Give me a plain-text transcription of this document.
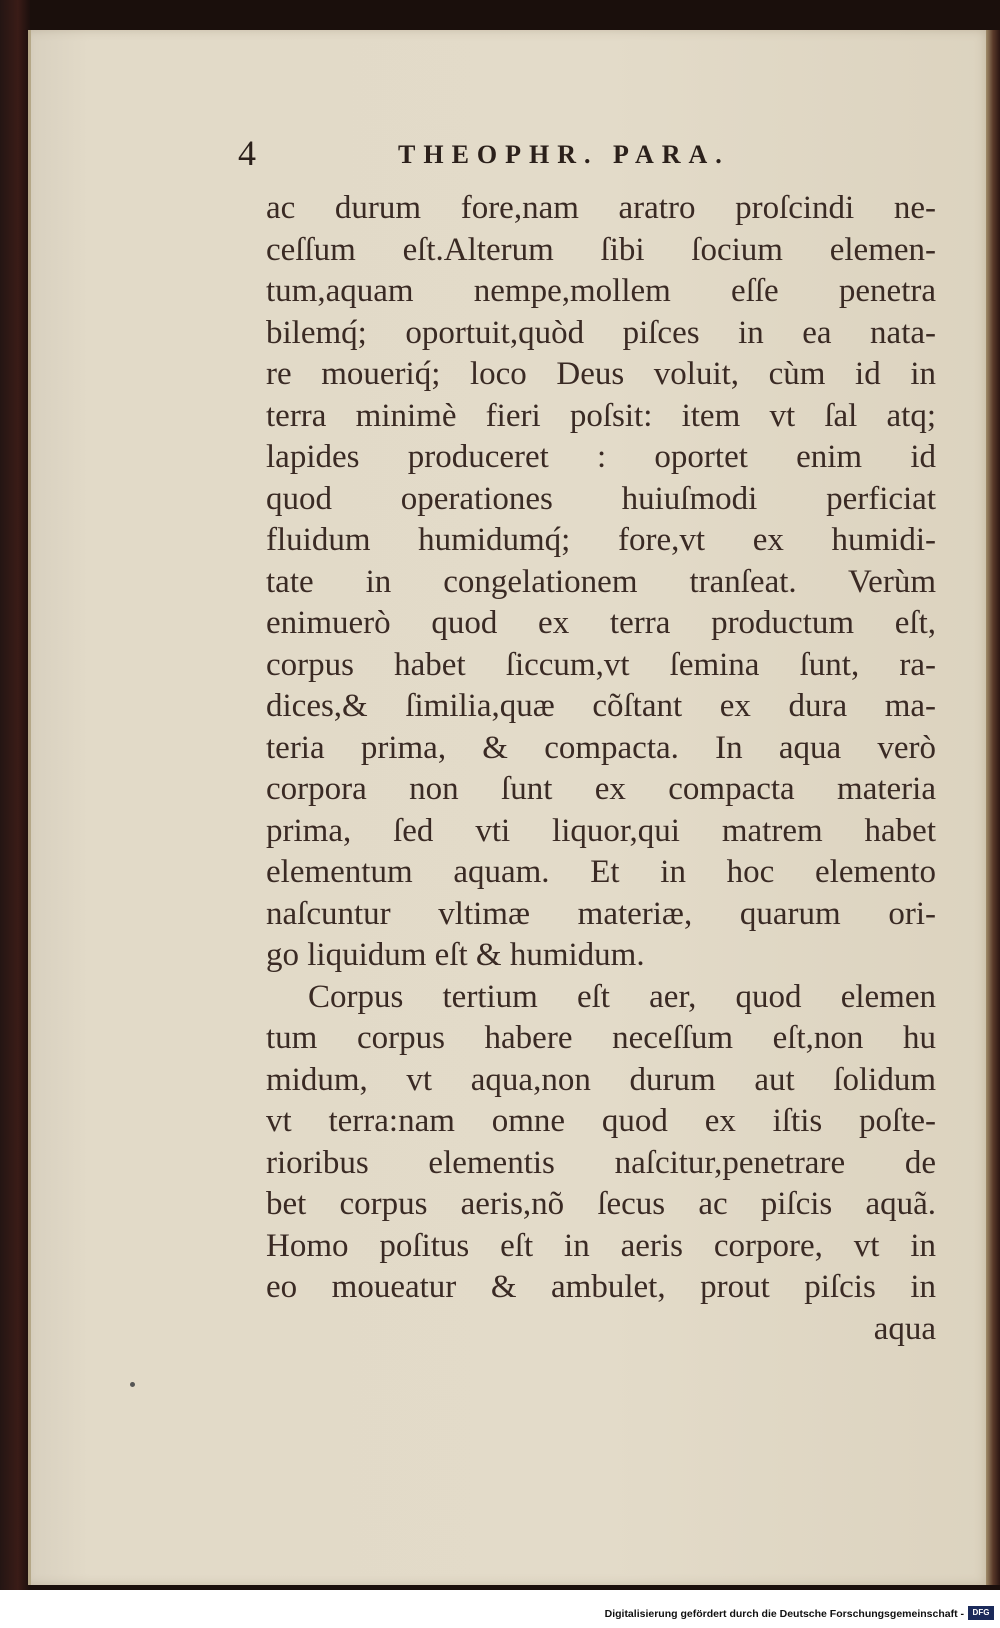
4	THEOPHR. PARA.
ac durum fore,nam aratro proſcindi ne-
ceſſum eſt.Alterum ſibi ſocium elemen-
tum,aquam nempe,mollem eſſe penetra
bilemq́; oportuit,quòd piſces in ea nata-
re moueriq́; loco Deus voluit, cùm id in
terra minimè fieri poſsit: item vt ſal atq;
lapides produceret : oportet enim id
quod operationes huiuſmodi perficiat
fluidum humidumq́; fore,vt ex humidi-
tate in congelationem tranſeat. Verùm
enimuerò quod ex terra productum eſt,
corpus habet ſiccum,vt ſemina ſunt, ra-
dices,& ſimilia,quæ cõſtant ex dura ma-
teria prima, & compacta. In aqua verò
corpora non ſunt ex compacta materia
prima, ſed vti liquor,qui matrem habet
elementum aquam. Et in hoc elemento
naſcuntur vltimæ materiæ, quarum ori-
go liquidum eſt & humidum.
Corpus tertium eſt aer, quod elemen
tum corpus habere neceſſum eſt,non hu
midum, vt aqua,non durum aut ſolidum
vt terra:nam omne quod ex iſtis poſte-
rioribus elementis naſcitur,penetrare de
bet corpus aeris,nõ ſecus ac piſcis aquã.
Homo poſitus eſt in aeris corpore, vt in
eo moueatur & ambulet, prout piſcis in
aqua
Digitalisierung gefördert durch die Deutsche Forschungsgemeinschaft -	DFG
